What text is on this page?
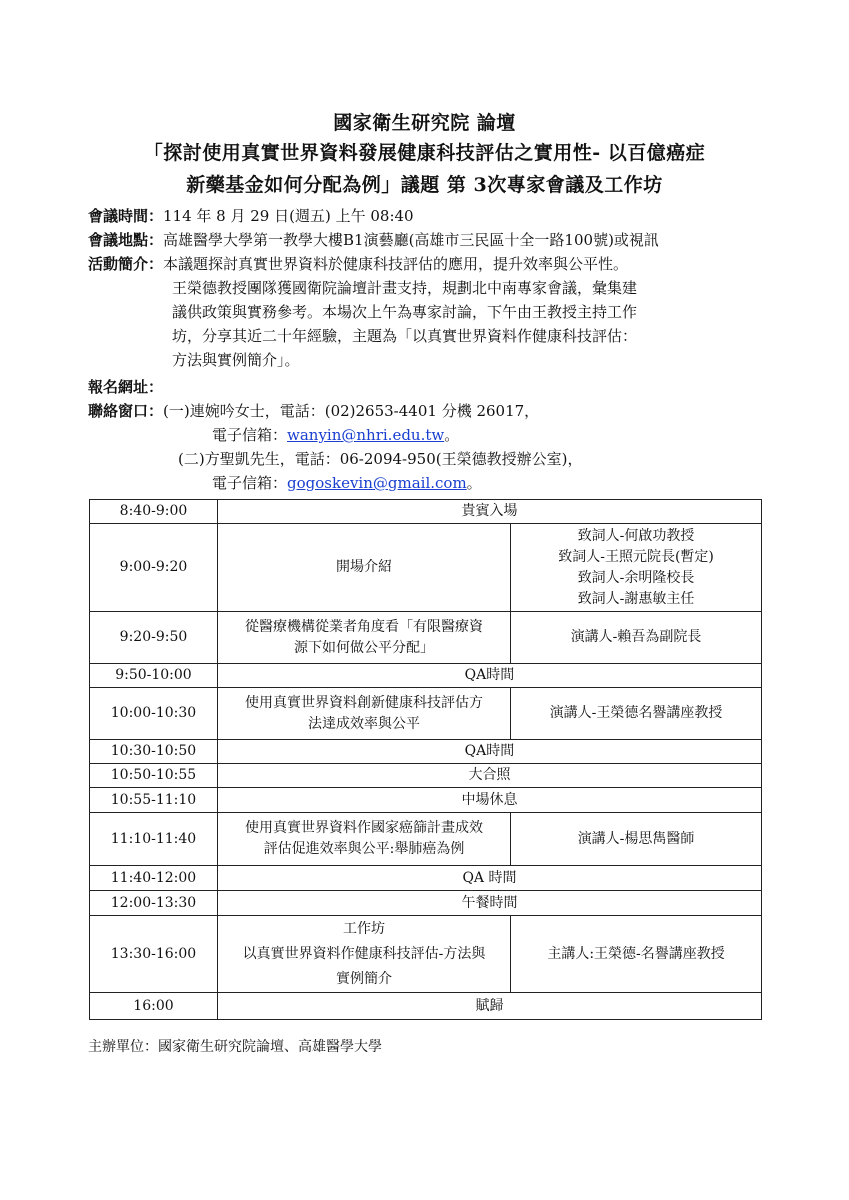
國家衛生研究院 論壇
「探討使用真實世界資料發展健康科技評估之實用性- 以百億癌症
新藥基金如何分配為例」議題 第 3次專家會議及工作坊
會議時間：114 年 8 月 29 日(週五) 上午 08:40
會議地點：高雄醫學大學第一教學大樓B1演藝廳(高雄市三民區十全一路100號)或視訊
活動簡介：本議題探討真實世界資料於健康科技評估的應用，提升效率與公平性。
王榮德教授團隊獲國衛院論壇計畫支持，規劃北中南專家會議，彙集建
議供政策與實務參考。本場次上午為專家討論，下午由王教授主持工作
坊，分享其近二十年經驗，主題為「以真實世界資料作健康科技評估：
方法與實例簡介」。
報名網址：
聯絡窗口：(一)連婉吟女士，電話：(02)2653-4401 分機 26017，
電子信箱：wanyin@nhri.edu.tw。
(二)方聖凱先生，電話：06-2094-950(王榮德教授辦公室)，
電子信箱：gogoskevin@gmail.com。
8:40-9:00	貴賓入場	
9:00-9:20	開場介紹	致詞人-何啟功教授
致詞人-王照元院長(暫定)
致詞人-余明隆校長
致詞人-謝惠敏主任

9:20-9:50	從醫療機構從業者角度看「有限醫療資
源下如何做公平分配」	演講人-賴吾為副院長
9:50-10:00	QA時間	
10:00-10:30	使用真實世界資料創新健康科技評估方
法達成效率與公平	演講人-王榮德名譽講座教授
10:30-10:50	QA時間	
10:50-10:55	大合照	
10:55-11:10	中場休息	
11:10-11:40	使用真實世界資料作國家癌篩計畫成效
評估促進效率與公平:舉肺癌為例	演講人-楊思雋醫師
11:40-12:00	QA 時間	
12:00-13:30	午餐時間	
13:30-16:00	工作坊
以真實世界資料作健康科技評估-方法與
實例簡介	主講人:王榮德-名譽講座教授
16:00	賦歸	
主辦單位：國家衛生研究院論壇、高雄醫學大學
